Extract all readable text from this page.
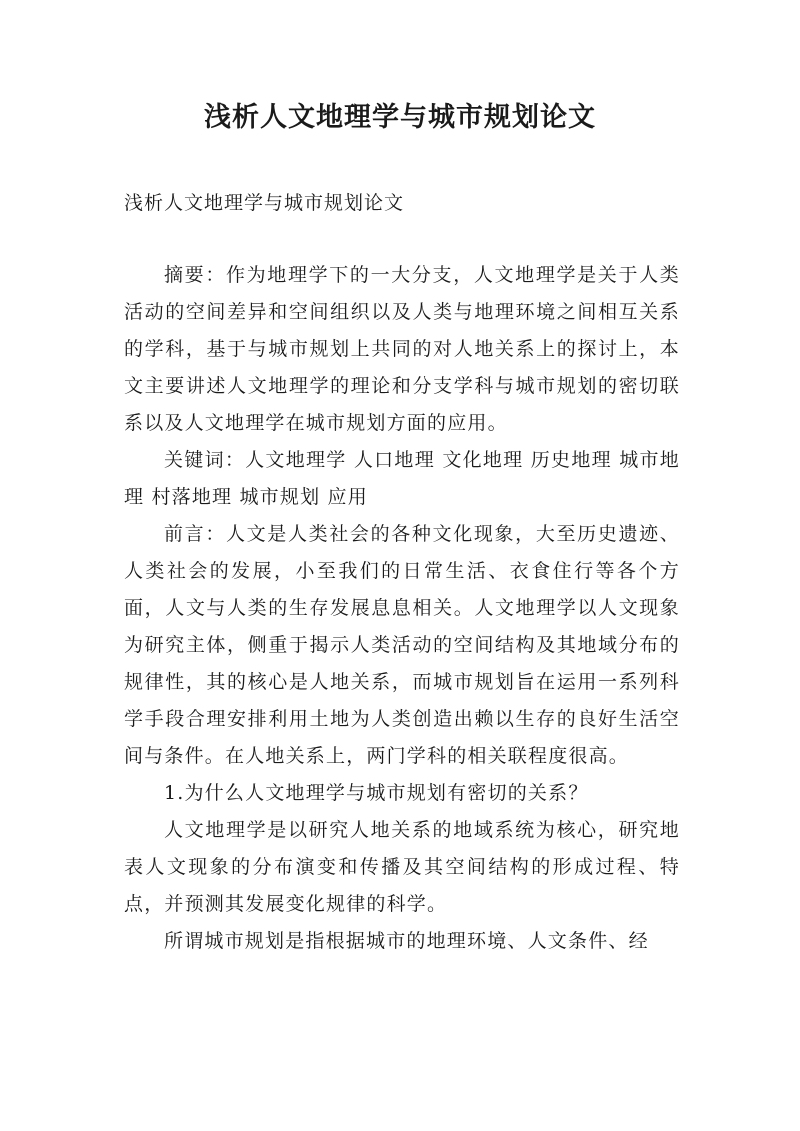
浅析人文地理学与城市规划论文
浅析人文地理学与城市规划论文

摘要：作为地理学下的一大分支，人文地理学是关于人类活动的空间差异和空间组织以及人类与地理环境之间相互关系的学科，基于与城市规划上共同的对人地关系上的探讨上，本文主要讲述人文地理学的理论和分支学科与城市规划的密切联系以及人文地理学在城市规划方面的应用。

关键词：人文地理学 人口地理 文化地理 历史地理 城市地理 村落地理 城市规划 应用

前言：人文是人类社会的各种文化现象，大至历史遗迹、人类社会的发展，小至我们的日常生活、衣食住行等各个方面，人文与人类的生存发展息息相关。人文地理学以人文现象为研究主体，侧重于揭示人类活动的空间结构及其地域分布的规律性，其的核心是人地关系，而城市规划旨在运用一系列科学手段合理安排利用土地为人类创造出赖以生存的良好生活空间与条件。在人地关系上，两门学科的相关联程度很高。

1.为什么人文地理学与城市规划有密切的关系？

人文地理学是以研究人地关系的地域系统为核心，研究地表人文现象的分布演变和传播及其空间结构的形成过程、特点，并预测其发展变化规律的科学。

所谓城市规划是指根据城市的地理环境、人文条件、经
